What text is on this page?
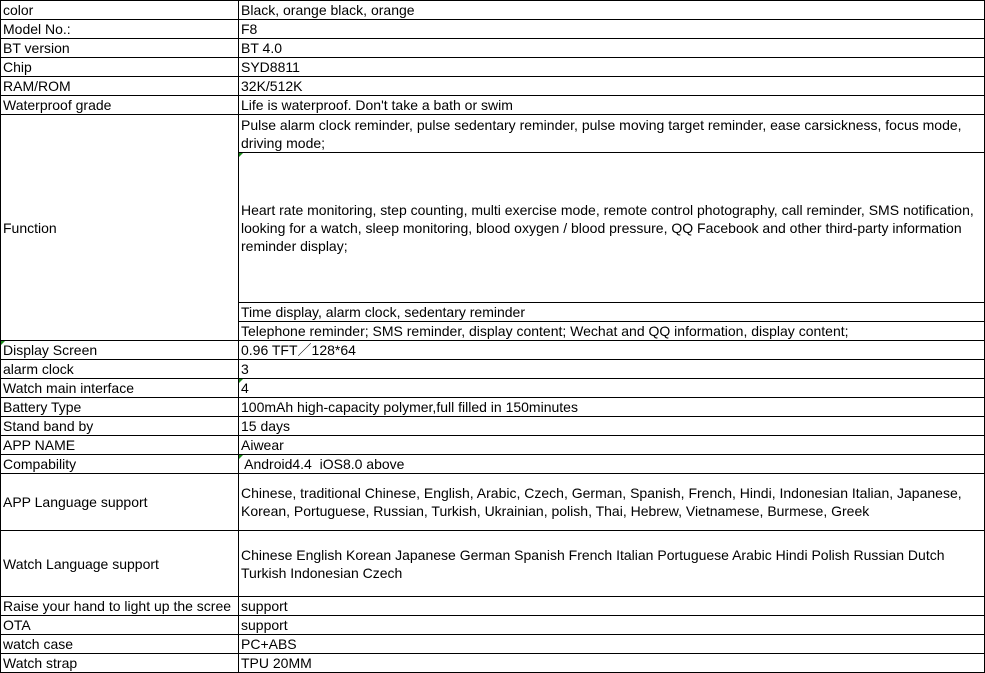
color	Black, orange black, orange
Model No.:	F8
BT version	BT 4.0
Chip	SYD8811
RAM/ROM	32K/512K
Waterproof grade	Life is waterproof. Don't take a bath or swim
Function	Pulse alarm clock reminder, pulse sedentary reminder, pulse moving target reminder, ease carsickness, focus mode, driving mode;
	Heart rate monitoring, step counting, multi exercise mode, remote control photography, call reminder, SMS notification, looking for a watch, sleep monitoring, blood oxygen / blood pressure, QQ Facebook and other third-party information reminder display;
	Time display, alarm clock, sedentary reminder
	Telephone reminder; SMS reminder, display content; Wechat and QQ information, display content;
Display Screen	0.96 TFT／128*64
alarm clock	3
Watch main interface	4
Battery Type	100mAh high-capacity polymer,full filled in 150minutes
Stand band by	15 days
APP NAME	Aiwear
Compability	Android4.4  iOS8.0 above
APP Language support	Chinese, traditional Chinese, English, Arabic, Czech, German, Spanish, French, Hindi, Indonesian Italian, Japanese, Korean, Portuguese, Russian, Turkish, Ukrainian, polish, Thai, Hebrew, Vietnamese, Burmese, Greek
Watch Language support	Chinese English Korean Japanese German Spanish French Italian Portuguese Arabic Hindi Polish Russian Dutch Turkish Indonesian Czech
Raise your hand to light up the scree	support
OTA	support
watch case	PC+ABS
Watch strap	TPU 20MM
